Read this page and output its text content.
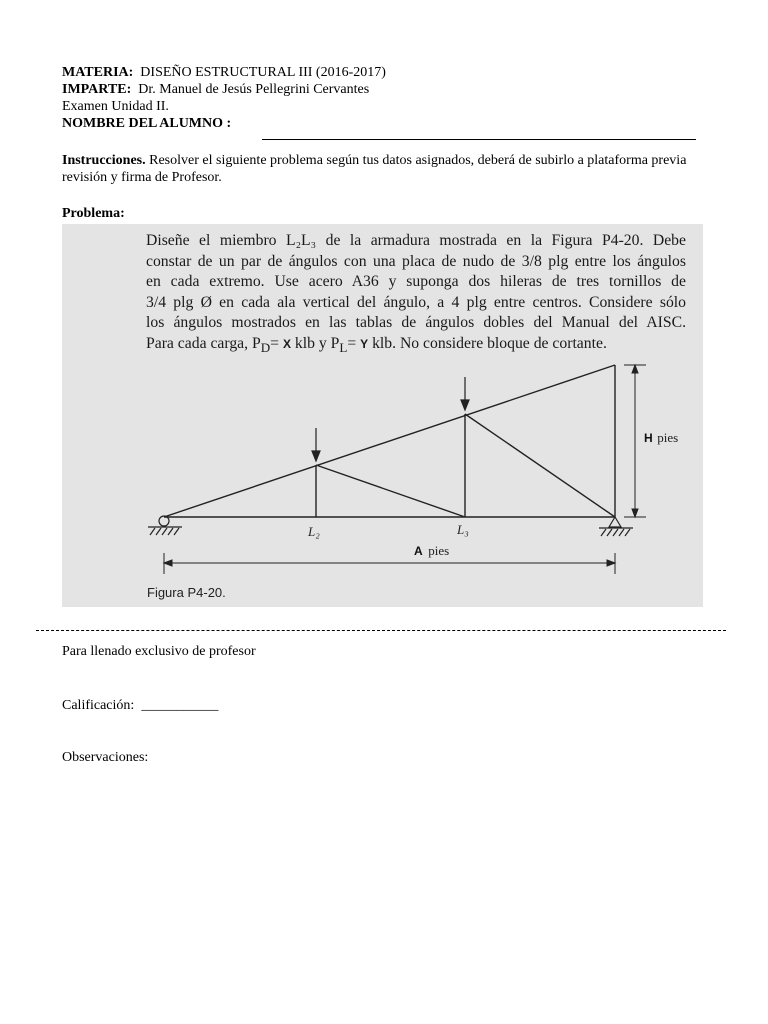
MATERIA: DISEÑO ESTRUCTURAL III (2016-2017)
IMPARTE: Dr. Manuel de Jesús Pellegrini Cervantes
Examen Unidad II.
NOMBRE DEL ALUMNO :
Instrucciones. Resolver el siguiente problema según tus datos asignados, deberá de subirlo a plataforma previa revisión y firma de Profesor.
Problema:
Diseñe el miembro L₂L₃ de la armadura mostrada en la Figura P4-20. Debe
constar de un par de ángulos con una placa de nudo de 3/8 plg entre los ángulos
en cada extremo. Use acero A36 y suponga dos hileras de tres tornillos de
3/4 plg Ø en cada ala vertical del ángulo, a 4 plg entre centros. Considere sólo
los ángulos mostrados en las tablas de ángulos dobles del Manual del AISC.
Para cada carga, $P_D= X$ klb y $P_L= Y$ klb. No considere bloque de cortante.
L₂	L₃
A pies
H pies
Figura P4-20.
Para llenado exclusivo de profesor
Calificación: ___________
Observaciones:
